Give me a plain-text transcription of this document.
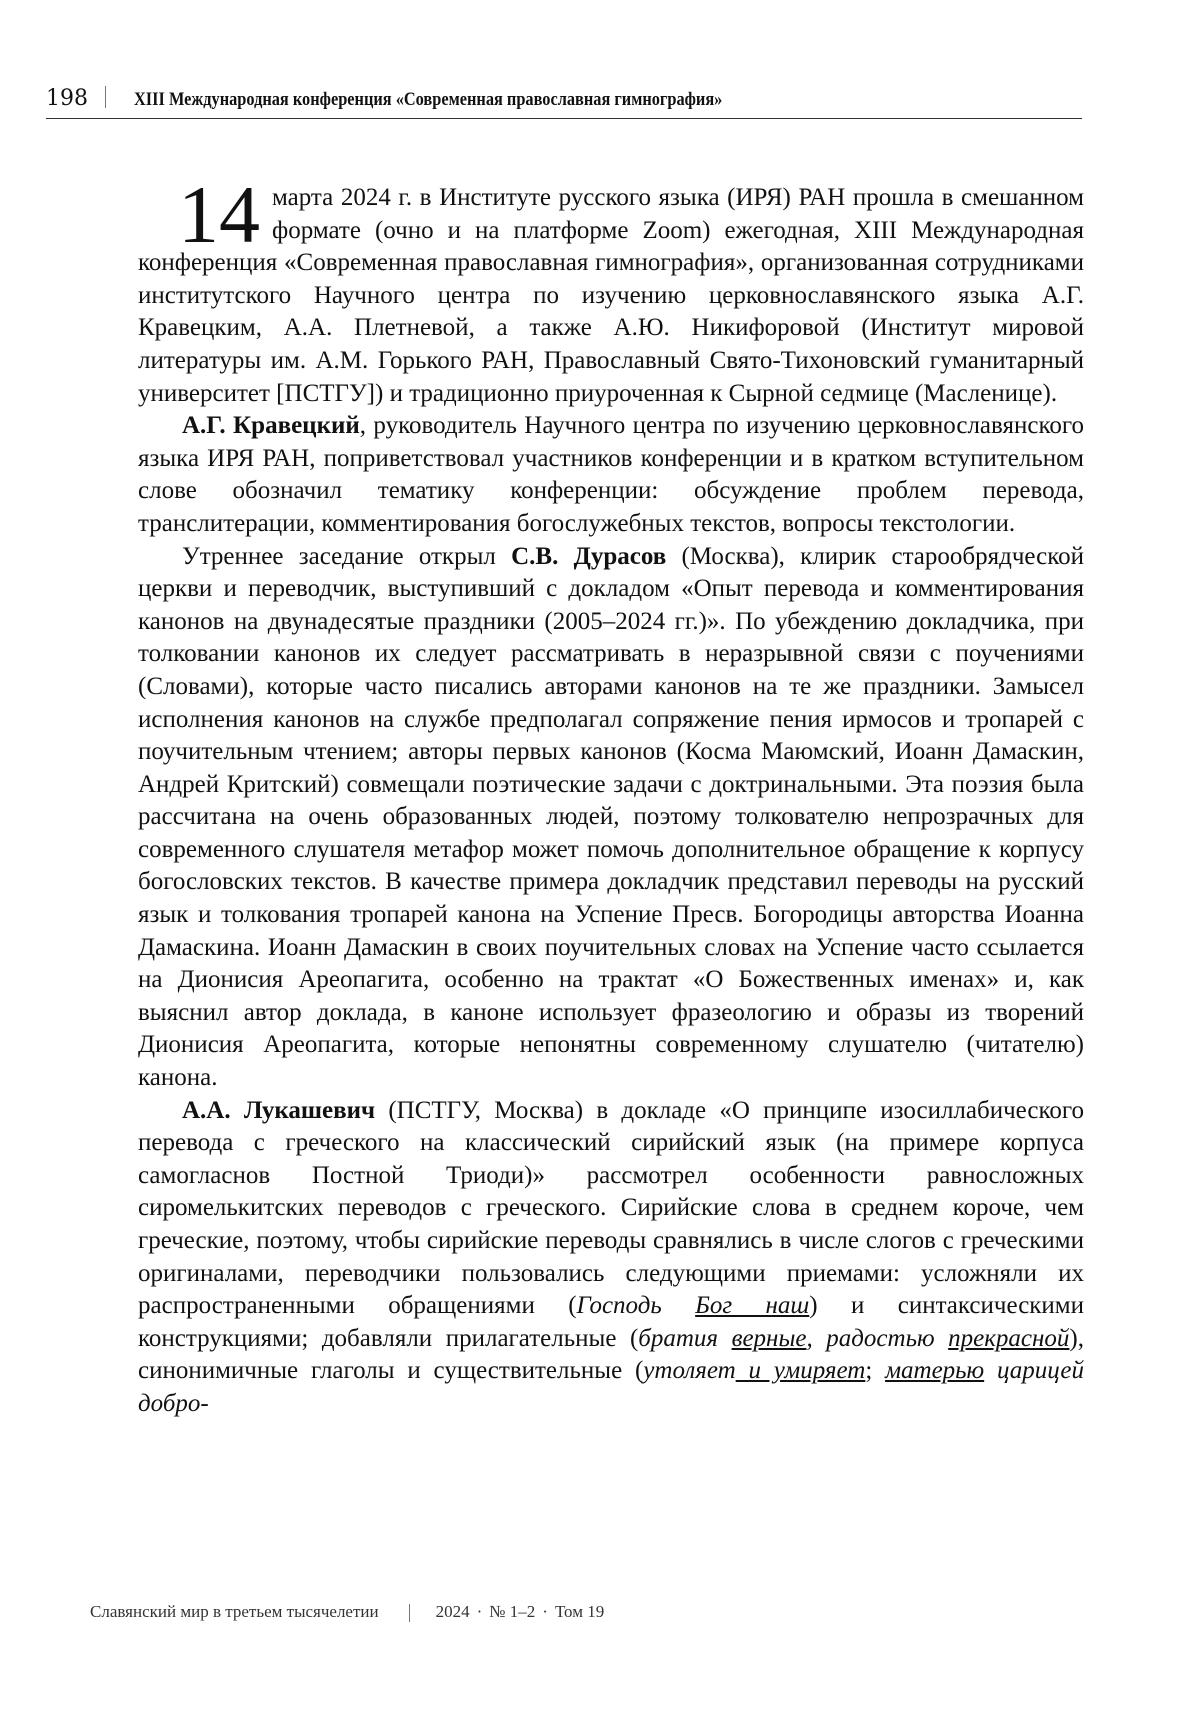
198 XIII Международная конференция «Современная православная гимнография»

14 марта 2024 г. в Институте русского языка (ИРЯ) РАН прошла в смешанном формате (очно и на платформе Zoom) ежегодная, XIII Международная конференция «Современная православная гимнография», организованная сотрудниками институтского Научного центра по изучению церковнославянского языка А.Г. Кравецким, А.А. Плетневой, а также А.Ю. Никифоровой (Институт мировой литературы им. А.М. Горького РАН, Православный Свято-Тихоновский гуманитарный университет [ПСТГУ]) и традиционно приуроченная к Сырной седмице (Масленице).

А.Г. Кравецкий, руководитель Научного центра по изучению церковнославянского языка ИРЯ РАН, поприветствовал участников конференции и в кратком вступительном слове обозначил тематику конференции: обсуждение проблем перевода, транслитерации, комментирования богослужебных текстов, вопросы текстологии.

Утреннее заседание открыл С.В. Дурасов (Москва), клирик старообрядческой церкви и переводчик, выступивший с докладом «Опыт перевода и комментирования канонов на двунадесятые праздники (2005–2024 гг.)». По убеждению докладчика, при толковании канонов их следует рассматривать в неразрывной связи с поучениями (Словами), которые часто писались авторами канонов на те же праздники. Замысел исполнения канонов на службе предполагал сопряжение пения ирмосов и тропарей с поучительным чтением; авторы первых канонов (Косма Маюмский, Иоанн Дамаскин, Андрей Критский) совмещали поэтические задачи с доктринальными. Эта поэзия была рассчитана на очень образованных людей, поэтому толкователю непрозрачных для современного слушателя метафор может помочь дополнительное обращение к корпусу богословских текстов. В качестве примера докладчик представил переводы на русский язык и толкования тропарей канона на Успение Пресв. Богородицы авторства Иоанна Дамаскина. Иоанн Дамаскин в своих поучительных словах на Успение часто ссылается на Дионисия Ареопагита, особенно на трактат «О Божественных именах» и, как выяснил автор доклада, в каноне использует фразеологию и образы из творений Дионисия Ареопагита, которые непонятны современному слушателю (читателю) канона.

А.А. Лукашевич (ПСТГУ, Москва) в докладе «О принципе изосиллабического перевода с греческого на классический сирийский язык (на примере корпуса самогласнов Постной Триоди)» рассмотрел особенности равносложных сиромелькитских переводов с греческого. Сирийские слова в среднем короче, чем греческие, поэтому, чтобы сирийские переводы сравнялись в числе слогов с греческими оригиналами, переводчики пользовались следующими приемами: усложняли их распространенными обращениями (Господь Бог наш) и синтаксическими конструкциями; добавляли прилагательные (братия верные, радостью прекрасной), синонимичные глаголы и существительные (утоляет и умиряет; матерью царицей добро-

Славянский мир в третьем тысячелетии	2024 · № 1–2 · Том 19
